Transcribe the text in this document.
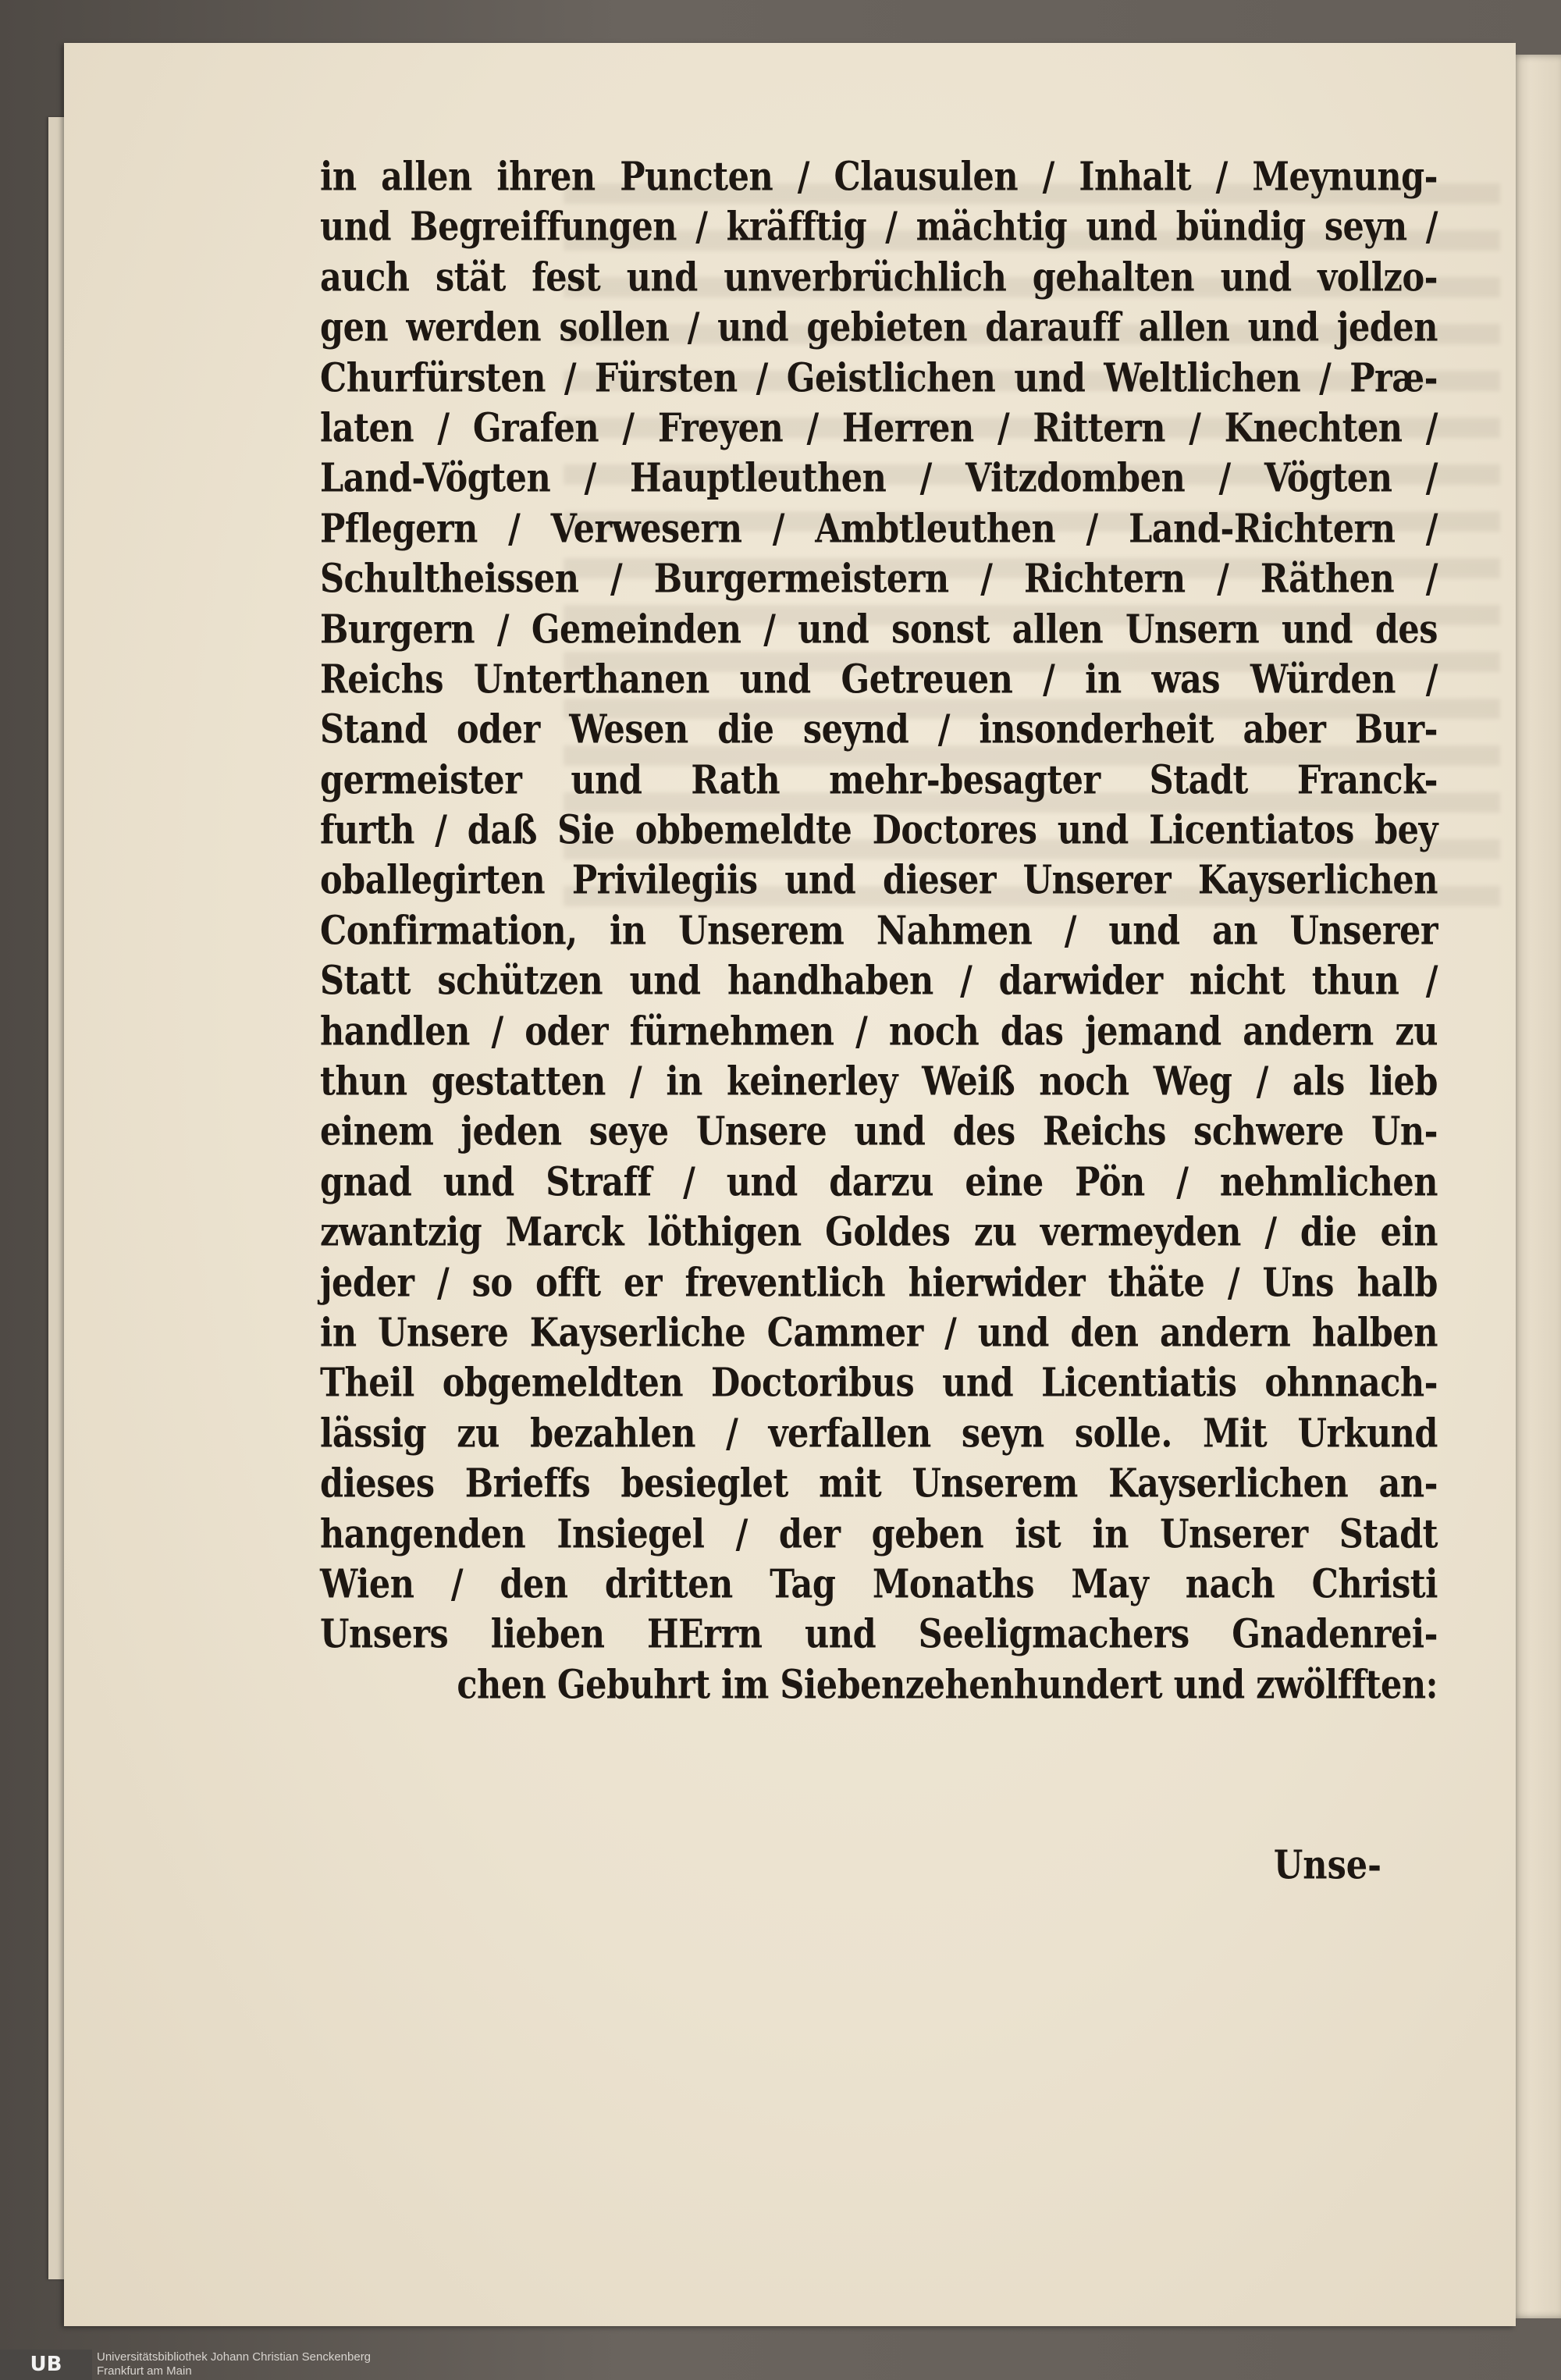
in allen ihren Puncten / Clausulen / Inhalt / Meynung-
und Begreiffungen / kräfftig / mächtig und bündig seyn /
auch stät fest und unverbrüchlich gehalten und vollzo-
gen werden sollen / und gebieten darauff allen und jeden
Churfürsten / Fürsten / Geistlichen und Weltlichen / Præ-
laten / Grafen / Freyen / Herren / Rittern / Knechten /
Land-Vögten / Hauptleuthen / Vitzdomben / Vögten /
Pflegern / Verwesern / Ambtleuthen / Land-Richtern /
Schultheissen / Burgermeistern / Richtern / Räthen /
Burgern / Gemeinden / und sonst allen Unsern und des
Reichs Unterthanen und Getreuen / in was Würden /
Stand oder Wesen die seynd / insonderheit aber Bur-
germeister und Rath mehr-besagter Stadt Franck-
furth / daß Sie obbemeldte Doctores und Licentiatos bey
oballegirten Privilegiis und dieser Unserer Kayserlichen
Confirmation, in Unserem Nahmen / und an Unserer
Statt schützen und handhaben / darwider nicht thun /
handlen / oder fürnehmen / noch das jemand andern zu
thun gestatten / in keinerley Weiß noch Weg / als lieb
einem jeden seye Unsere und des Reichs schwere Un-
gnad und Straff / und darzu eine Pön / nehmlichen
zwantzig Marck löthigen Goldes zu vermeyden / die ein
jeder / so offt er freventlich hierwider thäte / Uns halb
in Unsere Kayserliche Cammer / und den andern halben
Theil obgemeldten Doctoribus und Licentiatis ohnnach-
lässig zu bezahlen / verfallen seyn solle. Mit Urkund
dieses Brieffs besieglet mit Unserem Kayserlichen an-
hangenden Insiegel / der geben ist in Unserer Stadt
Wien / den dritten Tag Monaths May nach Christi
Unsers lieben HErrn und Seeligmachers Gnadenrei-
chen Gebuhrt im Siebenzehenhundert und zwölfften:
Unse-
UB	Universitätsbibliothek Johann Christian Senckenberg
Frankfurt am Main
